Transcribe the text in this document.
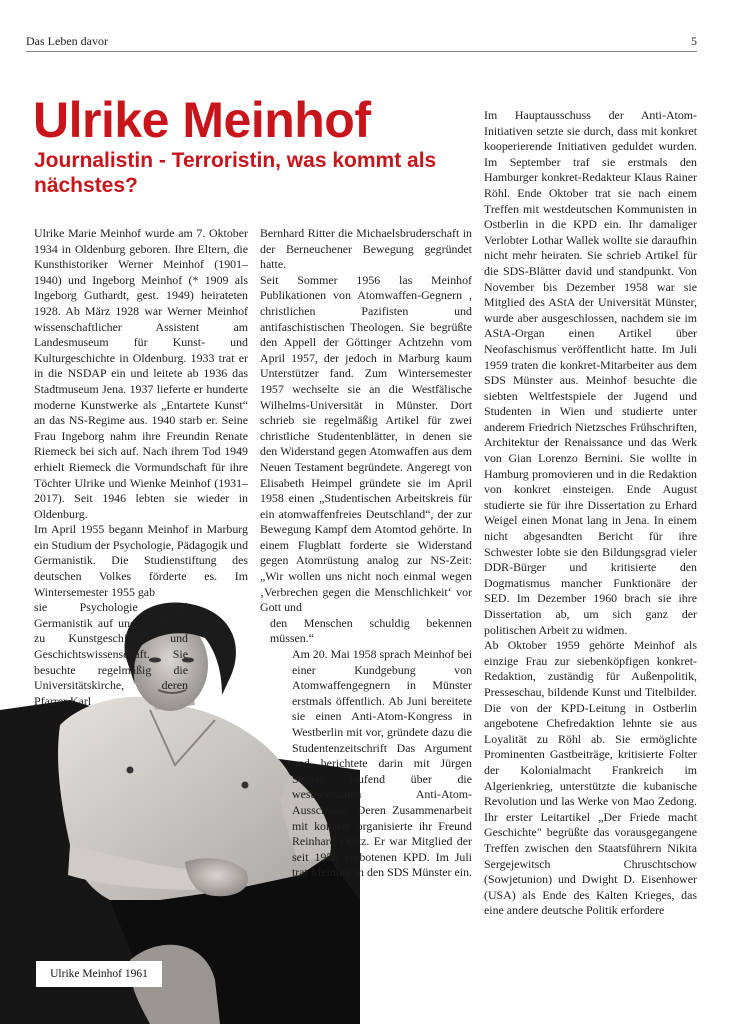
Das Leben davor	5
Ulrike Meinhof
Journalistin - Terroristin, was kommt als nächstes?

Ulrike Marie Meinhof wurde am 7. Oktober 1934 in Oldenburg geboren. Ihre Eltern, die Kunsthistoriker Werner Meinhof (1901–1940) und Ingeborg Meinhof (* 1909 als Ingeborg Guthardt, gest. 1949) heirateten 1928. Ab März 1928 war Werner Meinhof wissenschaftlicher Assistent am Landesmuseum für Kunst- und Kulturgeschichte in Oldenburg. 1933 trat er in die NSDAP ein und leitete ab 1936 das Stadtmuseum Jena. 1937 lieferte er hunderte moderne Kunstwerke als „Entartete Kunst“ an das NS-Regime aus. 1940 starb er. Seine Frau Ingeborg nahm ihre Freundin Renate Riemeck bei sich auf. Nach ihrem Tod 1949 erhielt Riemeck die Vormundschaft für ihre Töchter Ulrike und Wienke Meinhof (1931–2017). Seit 1946 lebten sie wieder in Oldenburg.

Im April 1955 begann Meinhof in Marburg ein Studium der Psychologie, Pädagogik und Germanistik. Die Studienstiftung des deutschen Volkes förderte es. Im Wintersemester 1955 gab

sie Psychologie und Germanistik auf und wechselte zu Kunstgeschichte und Geschichtswissenschaft. Sie besuchte regelmäßig die Universitätskirche, deren Pfarrer Karl

Bernhard Ritter die Michaelsbruderschaft in der Berneuchener Bewegung gegründet hatte.

Seit Sommer 1956 las Meinhof Publikationen von Atomwaffen-Gegnern , christlichen Pazifisten und antifaschistischen Theologen. Sie begrüßte den Appell der Göttinger Achtzehn vom April 1957, der jedoch in Marburg kaum Unterstützer fand. Zum Wintersemester 1957 wechselte sie an die Westfälische Wilhelms-Universität in Münster. Dort schrieb sie regelmäßig Artikel für zwei christliche Studentenblätter, in denen sie den Widerstand gegen Atomwaffen aus dem Neuen Testament begründete. Angeregt von Elisabeth Heimpel gründete sie im April 1958 einen „Studentischen Arbeitskreis für ein atomwaffenfreies Deutschland“, der zur Bewegung Kampf dem Atomtod gehörte. In einem Flugblatt forderte sie Widerstand gegen Atomrüstung analog zur NS-Zeit: „Wir wollen uns nicht noch einmal wegen ‚Verbrechen gegen die Menschlichkeit‘ vor Gott und

den Menschen schuldig bekennen müssen.“

Am 20. Mai 1958 sprach Meinhof bei einer Kundgebung von Atomwaffengegnern in Münster erstmals öffentlich. Ab Juni bereitete sie einen Anti-Atom-Kongress in Westberlin mit vor, gründete dazu die Studentenzeitschrift Das Argument und berichtete darin mit Jürgen Seifert laufend über die westdeutschen Anti-Atom-Ausschüsse. Deren Zusammenarbeit mit konkret organisierte ihr Freund Reinhard Opitz. Er war Mitglied der seit 1956 verbotenen KPD. Im Juli trat Meinhof in den SDS Münster ein.

Im Hauptausschuss der Anti-Atom-Initiativen setzte sie durch, dass mit konkret kooperierende Initiativen geduldet wurden. Im September traf sie erstmals den Hamburger konkret-Redakteur Klaus Rainer Röhl. Ende Oktober trat sie nach einem Treffen mit westdeutschen Kommunisten in Ostberlin in die KPD ein. Ihr damaliger Verlobter Lothar Wallek wollte sie daraufhin nicht mehr heiraten. Sie schrieb Artikel für die SDS-Blätter david und standpunkt. Von November bis Dezember 1958 war sie Mitglied des AStA der Universität Münster, wurde aber ausgeschlossen, nachdem sie im AStA-Organ einen Artikel über Neofaschismus veröffentlicht hatte. Im Juli 1959 traten die konkret-Mitarbeiter aus dem SDS Münster aus. Meinhof besuchte die siebten Weltfestspiele der Jugend und Studenten in Wien und studierte unter anderem Friedrich Nietzsches Frühschriften, Architektur der Renaissance und das Werk von Gian Lorenzo Bernini. Sie wollte in Hamburg promovieren und in die Redaktion von konkret einsteigen. Ende August studierte sie für ihre Dissertation zu Erhard Weigel einen Monat lang in Jena. In einem nicht abgesandten Bericht für ihre Schwester lobte sie den Bildungsgrad vieler DDR-Bürger und kritisierte den Dogmatismus mancher Funktionäre der SED. Im Dezember 1960 brach sie ihre Dissertation ab, um sich ganz der politischen Arbeit zu widmen.

Ab Oktober 1959 gehörte Meinhof als einzige Frau zur siebenköpfigen konkret-Redaktion, zuständig für Außenpolitik, Presseschau, bildende Kunst und Titelbilder. Die von der KPD-Leitung in Ostberlin angebotene Chefredaktion lehnte sie aus Loyalität zu Röhl ab. Sie ermöglichte Prominenten Gastbeiträge, kritisierte Folter der Kolonialmacht Frankreich im Algerienkrieg, unterstützte die kubanische Revolution und las Werke von Mao Zedong. Ihr erster Leitartikel „Der Friede macht Geschichte" begrüßte das vorausgegangene Treffen zwischen den Staatsführern Nikita Sergejewitsch Chruschtschow (Sowjetunion) und Dwight D. Eisenhower (USA) als Ende des Kalten Krieges, das eine andere deutsche Politik erfordere

Ulrike Meinhof 1961
